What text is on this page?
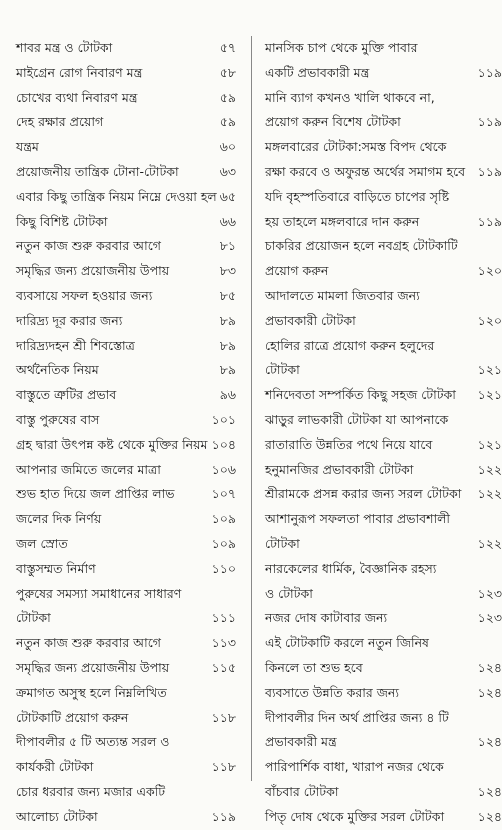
শাবর মন্ত্র ও টোটকা	৫৭
মাইগ্রেন রোগ নিবারণ মন্ত্র	৫৮
চোখের ব্যথা নিবারণ মন্ত্র	৫৯
দেহ রক্ষার প্রয়োগ	৫৯
যন্ত্রম	৬০
প্রয়োজনীয় তান্ত্রিক টোনা-টোটকা	৬৩
এবার কিছু তান্ত্রিক নিয়ম নিম্নে দেওয়া হল ৬৫
কিছু বিশিষ্ট টোটকা	৬৬
নতুন কাজ শুরু করবার আগে	৮১
সমৃদ্ধির জন্য প্রয়োজনীয় উপায়	৮৩
ব্যবসায়ে সফল হওয়ার জন্য	৮৫
দারিদ্র্য দূর করার জন্য	৮৯
দারিদ্র্যদহন শ্রী শিবস্তোত্র	৮৯
অর্থনৈতিক নিয়ম	৮৯
বাস্তুতে ত্রুটির প্রভাব	৯৬
বাস্তু পুরুষের বাস	১০১
গ্রহ দ্বারা উৎপন্ন কষ্ট থেকে মুক্তির নিয়ম ১০৪
আপনার জমিতে জলের মাত্রা	১০৬
শুভ হাত দিয়ে জল প্রাপ্তির লাভ	১০৭
জলের দিক নির্ণয়	১০৯
জল স্রোত	১০৯
বাস্তুসম্মত নির্মাণ	১১০
পুরুষের সমস্যা সমাধানের সাধারণ
টোটকা	১১১
নতুন কাজ শুরু করবার আগে	১১৩
সমৃদ্ধির জন্য প্রয়োজনীয় উপায়	১১৫
ক্রমাগত অসুস্থ হলে নিম্নলিখিত
টোটকাটি প্রয়োগ করুন	১১৮
দীপাবলীর ৫ টি অত্যন্ত সরল ও
কার্যকরী টোটকা	১১৮
চোর ধরবার জন্য মজার একটি
আলোচ্য টোটকা	১১৯
মানসিক চাপ থেকে মুক্তি পাবার
একটি প্রভাবকারী মন্ত্র	১১৯
মানি ব্যাগ কখনও খালি থাকবে না,
প্রয়োগ করুন বিশেষ টোটকা	১১৯
মঙ্গলবারের টোটকা:সমস্ত বিপদ থেকে
রক্ষা করবে ও অফুরন্ত অর্থের সমাগম হবে ১১৯
যদি বৃহস্পতিবারে বাড়িতে চাপের সৃষ্টি
হয় তাহলে মঙ্গলবারে দান করুন	১১৯
চাকরির প্রয়োজন হলে নবগ্রহ টোটকাটি
প্রয়োগ করুন	১২০
আদালতে মামলা জিতবার জন্য
প্রভাবকারী টোটকা	১২০
হোলির রাত্রে প্রয়োগ করুন হলুদের
টোটকা	১২১
শনিদেবতা সম্পর্কিত কিছু সহজ টোটকা ১২১
ঝাড়ুর লাভকারী টোটকা যা আপনাকে
রাতারাতি উন্নতির পথে নিয়ে যাবে	১২১
হনুমানজির প্রভাবকারী টোটকা	১২২
শ্রীরামকে প্রসন্ন করার জন্য সরল টোটকা ১২২
আশানুরূপ সফলতা পাবার প্রভাবশালী
টোটকা	১২২
নারকেলের ধার্মিক, বৈজ্ঞানিক রহস্য
ও টোটকা	১২৩
নজর দোষ কাটাবার জন্য	১২৩
এই টোটকাটি করলে নতুন জিনিষ
কিনলে তা শুভ হবে	১২৪
ব্যবসাতে উন্নতি করার জন্য	১২৪
দীপাবলীর দিন অর্থ প্রাপ্তির জন্য ৪ টি
প্রভাবকারী মন্ত্র	১২৪
পারিপার্শিক বাধা, খারাপ নজর থেকে
বাঁচবার টোটকা	১২৪
পিতৃ দোষ থেকে মুক্তির সরল টোটকা	১২৪
